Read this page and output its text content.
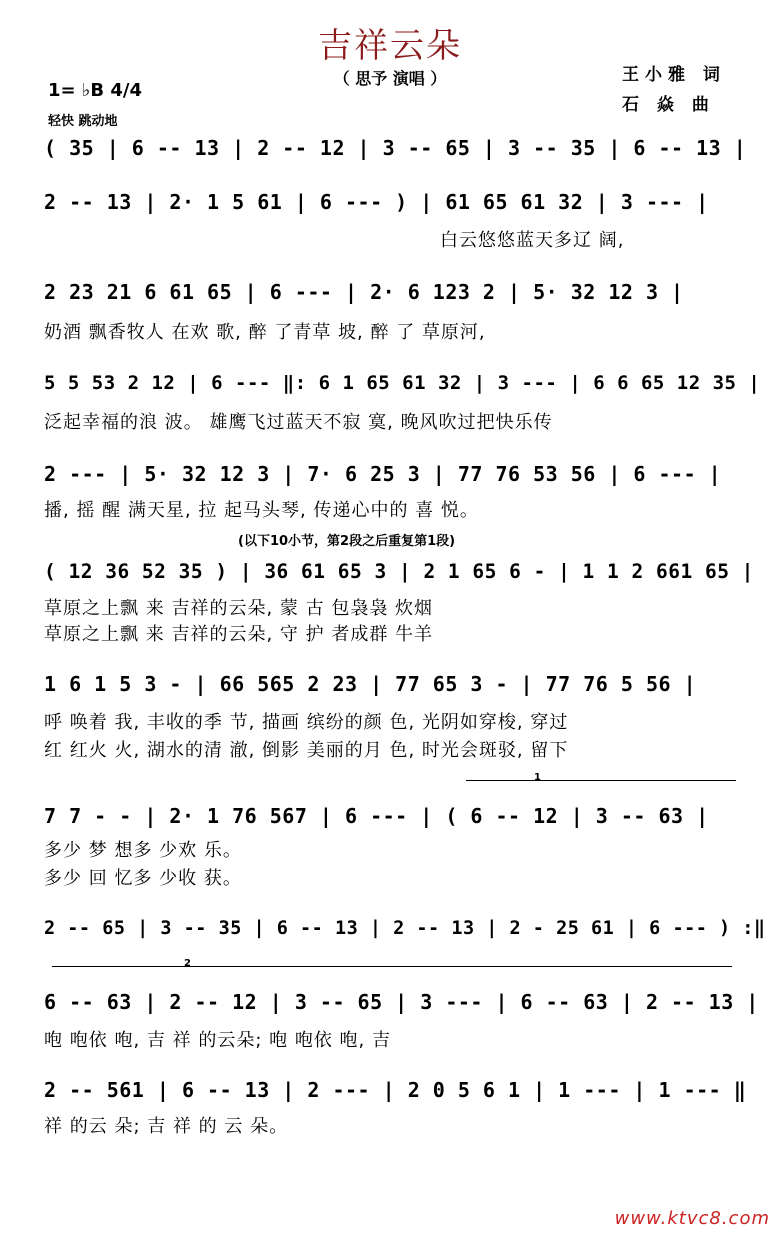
吉祥云朵
（ 思予 演唱 ）	王小雅 词
石 焱 曲
1= ♭B 4/4
轻快 跳动地
( 35 | 6 -- 13 | 2 -- 12 | 3 -- 65 | 3 -- 35 | 6 -- 13 |
2 -- 13 | 2· 1 5 61 | 6 --- ) | 61 65 61 32 | 3 --- |
白云悠悠蓝天多辽 阔,
2 23 21 6 61 65 | 6 --- | 2· 6 123 2 | 5· 32 12 3 |
奶酒 飘香牧人 在欢 歌, 醉 了青草 坡, 醉 了 草原河,
5 5 53 2 12 | 6 --- ‖: 6 1 65 61 32 | 3 --- | 6 6 65 12 35 |
泛起幸福的浪 波。 雄鹰飞过蓝天不寂 寞, 晚风吹过把快乐传
2 --- | 5· 32 12 3 | 7· 6 25 3 | 77 76 53 56 | 6 --- |
播, 摇 醒 满天星, 拉 起马头琴, 传递心中的 喜 悦。
(以下10小节，第2段之后重复第1段)
( 12 36 52 35 ) | 36 61 65 3 | 2 1 65 6 - | 1 1 2 661 65 |
草原之上飘 来 吉祥的云朵, 蒙 古 包袅袅 炊烟
草原之上飘 来 吉祥的云朵, 守 护 者成群 牛羊
1 6 1 5 3 - | 66 565 2 23 | 77 65 3 - | 77 76 5 56 |
呼 唤着 我, 丰收的季 节, 描画 缤纷的颜 色, 光阴如穿梭, 穿过
红 红火 火, 湖水的清 澈, 倒影 美丽的月 色, 时光会斑驳, 留下
1
7 7 - - | 2· 1 76 567 | 6 --- | ( 6 -- 12 | 3 -- 63 |
多少 梦 想多 少欢 乐。
多少 回 忆多 少收 获。
2 -- 65 | 3 -- 35 | 6 -- 13 | 2 -- 13 | 2 - 25 61 | 6 --- ) :‖
2
6 -- 63 | 2 -- 12 | 3 -- 65 | 3 --- | 6 -- 63 | 2 -- 13 |
咆 咆依 咆, 吉 祥 的云朵; 咆 咆依 咆, 吉
2 -- 561 | 6 -- 13 | 2 --- | 2 0 5 6 1 | 1 --- | 1 --- ‖
祥 的云 朵; 吉 祥 的 云 朵。
www.ktvc8.com
